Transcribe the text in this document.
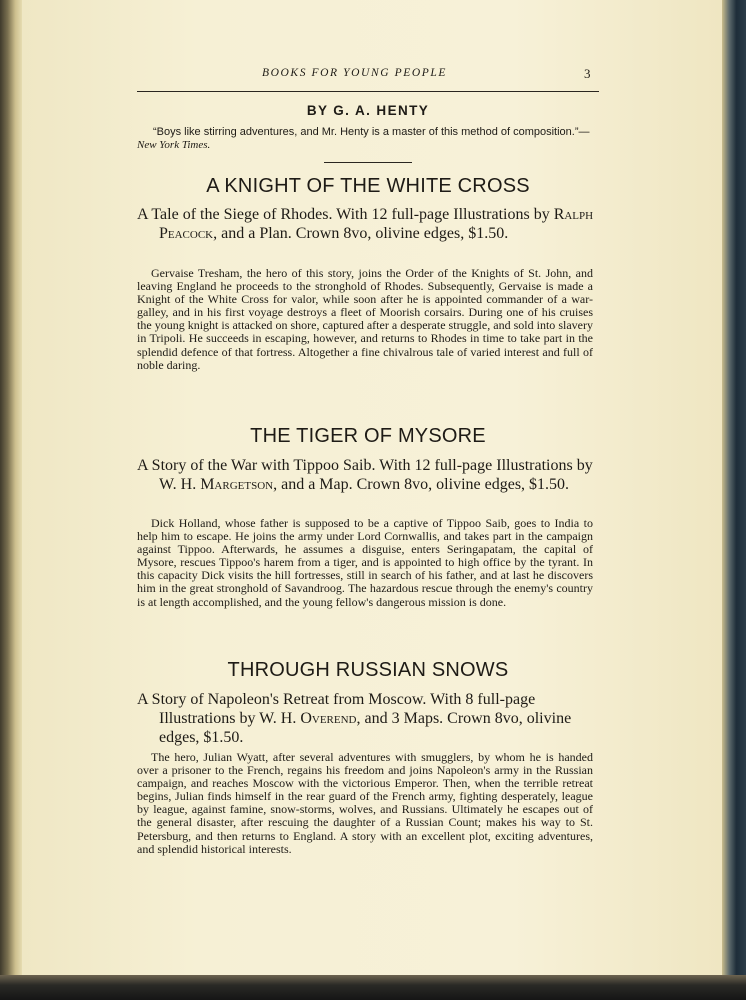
BOOKS FOR YOUNG PEOPLE	3
BY G. A. HENTY
“Boys like stirring adventures, and Mr. Henty is a master of this method of composition.”—New York Times.
A KNIGHT OF THE WHITE CROSS
A Tale of the Siege of Rhodes. With 12 full-page Illustrations by Ralph Peacock, and a Plan. Crown 8vo, olivine edges, $1.50.
Gervaise Tresham, the hero of this story, joins the Order of the Knights of St. John, and leaving England he proceeds to the stronghold of Rhodes. Subsequently, Gervaise is made a Knight of the White Cross for valor, while soon after he is appointed commander of a war-galley, and in his first voyage destroys a fleet of Moorish corsairs. During one of his cruises the young knight is attacked on shore, captured after a desperate struggle, and sold into slavery in Tripoli. He succeeds in escaping, however, and returns to Rhodes in time to take part in the splendid defence of that fortress. Altogether a fine chivalrous tale of varied interest and full of noble daring.
THE TIGER OF MYSORE
A Story of the War with Tippoo Saib. With 12 full-page Illustrations by W. H. Margetson, and a Map. Crown 8vo, olivine edges, $1.50.
Dick Holland, whose father is supposed to be a captive of Tippoo Saib, goes to India to help him to escape. He joins the army under Lord Cornwallis, and takes part in the campaign against Tippoo. Afterwards, he assumes a disguise, enters Seringapatam, the capital of Mysore, rescues Tippoo's harem from a tiger, and is appointed to high office by the tyrant. In this capacity Dick visits the hill fortresses, still in search of his father, and at last he discovers him in the great stronghold of Savandroog. The hazardous rescue through the enemy's country is at length accomplished, and the young fellow's dangerous mission is done.
THROUGH RUSSIAN SNOWS
A Story of Napoleon's Retreat from Moscow. With 8 full-page Illustrations by W. H. Overend, and 3 Maps. Crown 8vo, olivine edges, $1.50.
The hero, Julian Wyatt, after several adventures with smugglers, by whom he is handed over a prisoner to the French, regains his freedom and joins Napoleon's army in the Russian campaign, and reaches Moscow with the victorious Emperor. Then, when the terrible retreat begins, Julian finds himself in the rear guard of the French army, fighting desperately, league by league, against famine, snow-storms, wolves, and Russians. Ultimately he escapes out of the general disaster, after rescuing the daughter of a Russian Count; makes his way to St. Petersburg, and then returns to England. A story with an excellent plot, exciting adventures, and splendid historical interests.
